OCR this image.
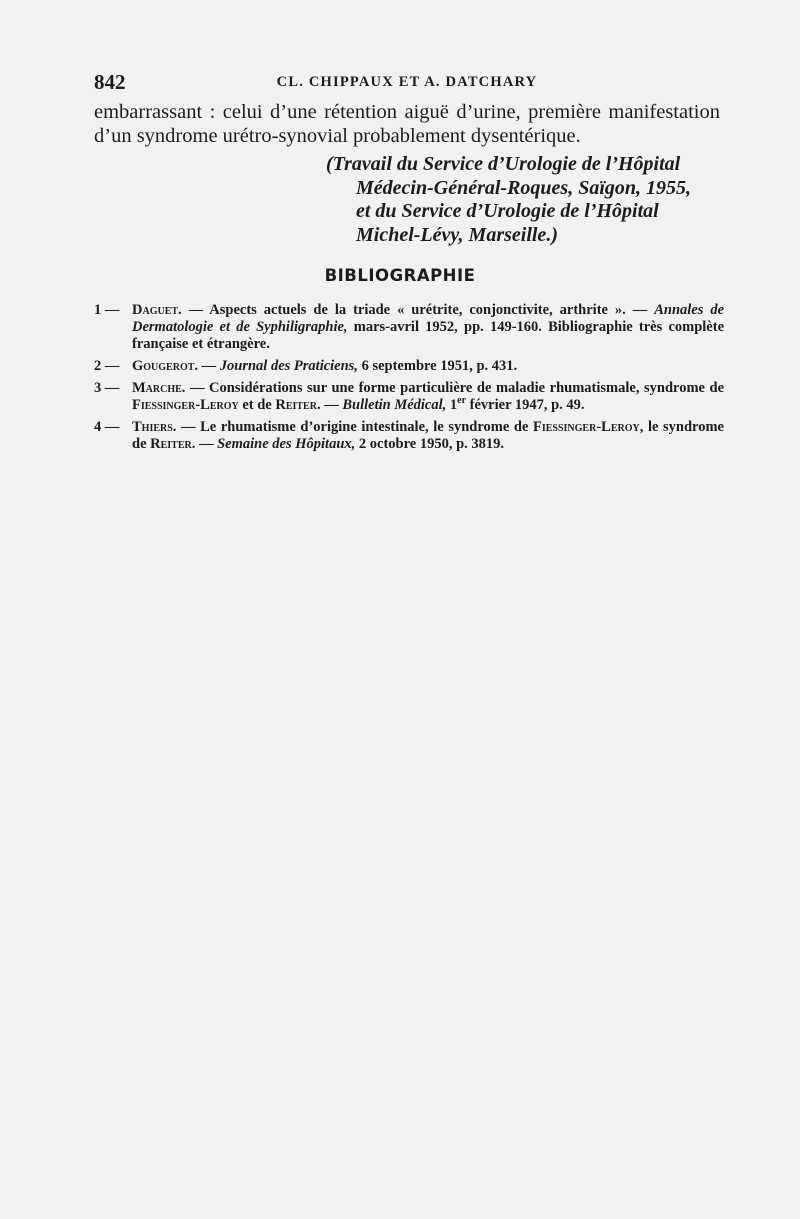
842	CL. CHIPPAUX ET A. DATCHARY

embarrassant : celui d’une rétention aiguë d’urine, première manifestation d’un syndrome urétro-synovial probablement dysentérique.

(Travail du Service d’Urologie de l’Hôpital
Médecin-Général-Roques, Saïgon, 1955,
et du Service d’Urologie de l’Hôpital
Michel-Lévy, Marseille.)
BIBLIOGRAPHIE
1 — Daguet. — Aspects actuels de la triade « urétrite, conjonctivite, arthrite ». — Annales de Dermatologie et de Syphiligraphie, mars-avril 1952, pp. 149-160. Bibliographie très complète française et étrangère.
2 — Gougerot. — Journal des Praticiens, 6 septembre 1951, p. 431.
3 — Marche. — Considérations sur une forme particulière de maladie rhumatismale, syndrome de Fiessinger-Leroy et de Reiter. — Bulletin Médical, 1er février 1947, p. 49.
4 — Thiers. — Le rhumatisme d’origine intestinale, le syndrome de Fiessinger-Leroy, le syndrome de Reiter. — Semaine des Hôpitaux, 2 octobre 1950, p. 3819.
